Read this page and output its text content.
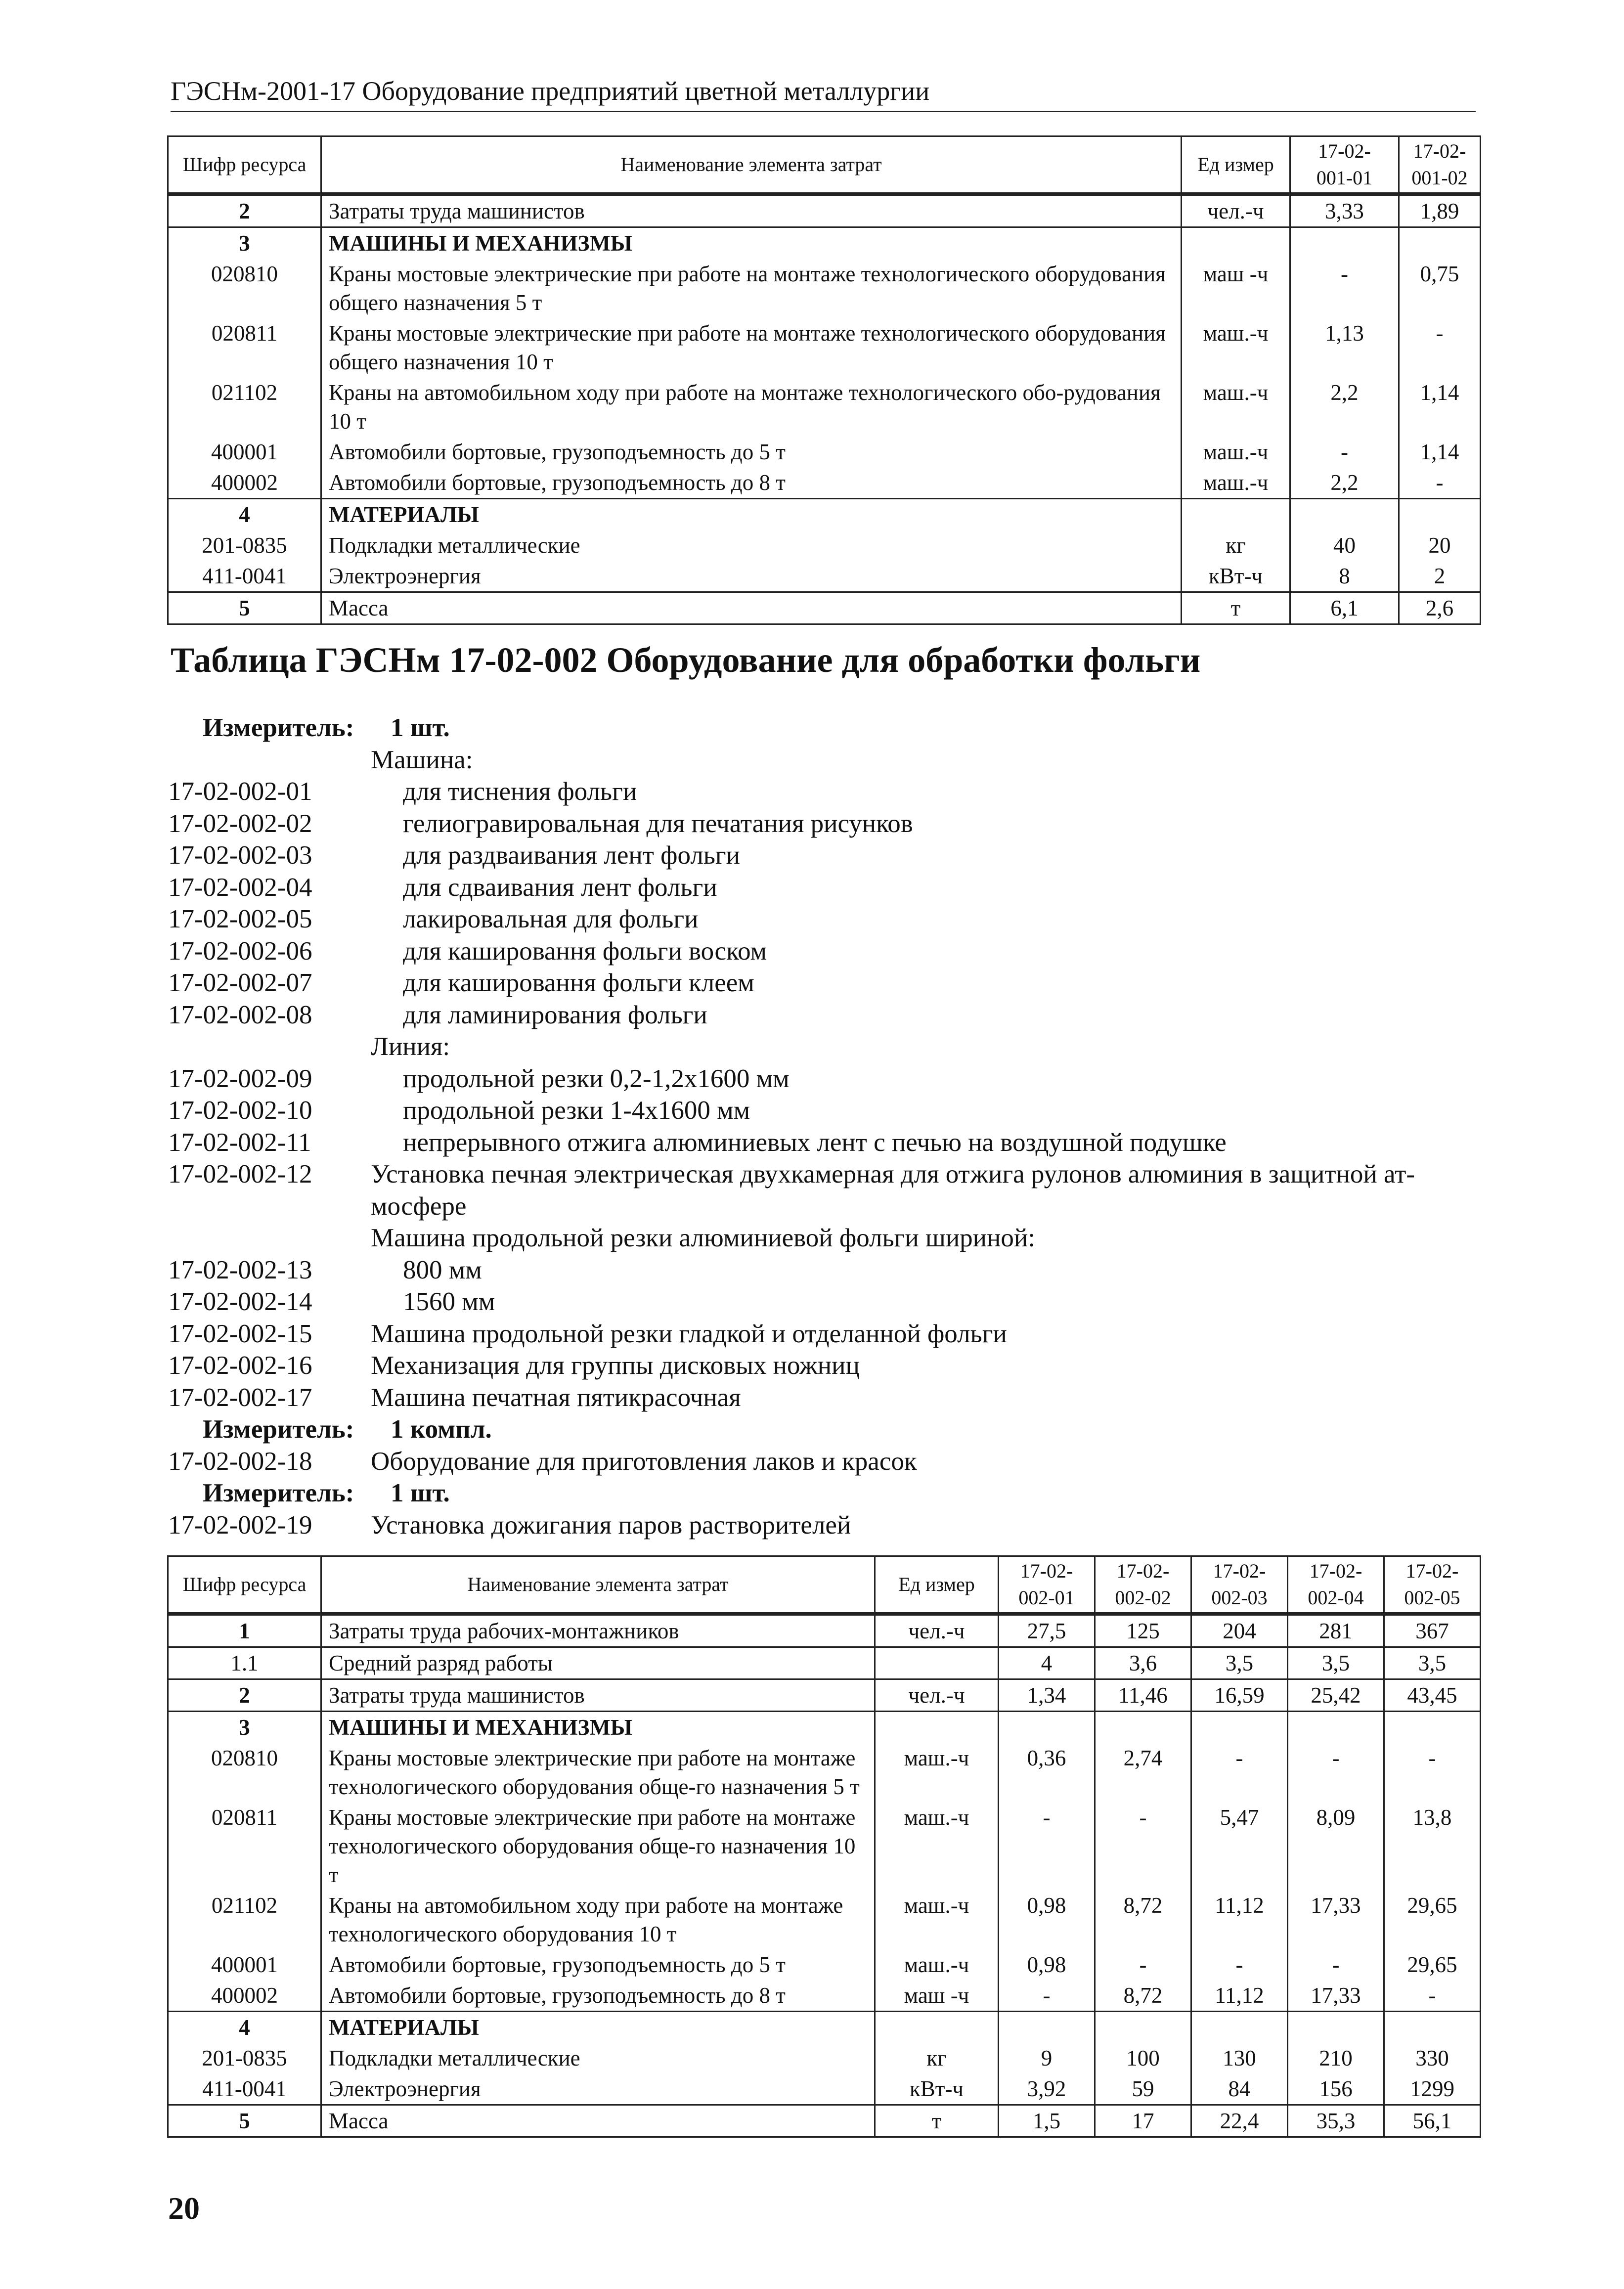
ГЭСНм-2001-17 Оборудование предприятий цветной металлургии
Шифр ресурса	Наименование элемента затрат	Ед измер	17-02-
001-01	17-02-
001-02
2	Затраты труда машинистов	чел.-ч	3,33	1,89
3	МАШИНЫ И МЕХАНИЗМЫ			
020810	Краны мостовые электрические при работе на монтаже технологического оборудования общего назначения 5 т	маш -ч	-	0,75
020811	Краны мостовые электрические при работе на монтаже технологического оборудования общего назначения 10 т	маш.-ч	1,13	-
021102	Краны на автомобильном ходу при работе на монтаже технологического обо-рудования 10 т	маш.-ч	2,2	1,14
400001	Автомобили бортовые, грузоподъемность до 5 т	маш.-ч	-	1,14
400002	Автомобили бортовые, грузоподъемность до 8 т	маш.-ч	2,2	-
4	МАТЕРИАЛЫ			
201-0835	Подкладки металлические	кг	40	20
411-0041	Электроэнергия	кВт-ч	8	2
5	Масса	т	6,1	2,6
Таблица ГЭСНм 17-02-002 Оборудование для обработки фольги
Измеритель: 1 шт.
Машина:
17-02-002-01	для тиснения фольги
17-02-002-02	гелиогравировальная для печатания рисунков
17-02-002-03	для раздваивания лент фольги
17-02-002-04	для сдваивания лент фольги
17-02-002-05	лакировальная для фольги
17-02-002-06	для кашировання фольги воском
17-02-002-07	для кашировання фольги клеем
17-02-002-08	для ламинирования фольги
Линия:
17-02-002-09	продольной резки 0,2-1,2х1600 мм
17-02-002-10	продольной резки 1-4х1600 мм
17-02-002-11	непрерывного отжига алюминиевых лент с печью на воздушной подушке
17-02-002-12 Установка печная электрическая двухкамерная для отжига рулонов алюминия в защитной ат-мосфере
Машина продольной резки алюминиевой фольги шириной:
17-02-002-13	800 мм
17-02-002-14	1560 мм
17-02-002-15 Машина продольной резки гладкой и отделанной фольги
17-02-002-16 Механизация для группы дисковых ножниц
17-02-002-17 Машина печатная пятикрасочная
Измеритель: 1 компл.
17-02-002-18 Оборудование для приготовления лаков и красок
Измеритель: 1 шт.
17-02-002-19 Установка дожигания паров растворителей
Шифр ресурса	Наименование элемента затрат	Ед измер	17-02-
002-01	17-02-
002-02	17-02-
002-03	17-02-
002-04	17-02-
002-05
1	Затраты труда рабочих-монтажников	чел.-ч	27,5	125	204	281	367
1.1	Средний разряд работы		4	3,6	3,5	3,5	3,5
2	Затраты труда машинистов	чел.-ч	1,34	11,46	16,59	25,42	43,45
3	МАШИНЫ И МЕХАНИЗМЫ						
020810	Краны мостовые электрические при работе на монтаже технологического оборудования обще-го назначения 5 т	маш.-ч	0,36	2,74	-	-	-
020811	Краны мостовые электрические при работе на монтаже технологического оборудования обще-го назначения 10 т	маш.-ч	-	-	5,47	8,09	13,8
021102	Краны на автомобильном ходу при работе на монтаже технологического оборудования 10 т	маш.-ч	0,98	8,72	11,12	17,33	29,65
400001	Автомобили бортовые, грузоподъемность до 5 т	маш.-ч	0,98	-	-	-	29,65
400002	Автомобили бортовые, грузоподъемность до 8 т	маш -ч	-	8,72	11,12	17,33	-
4	МАТЕРИАЛЫ						
201-0835	Подкладки металлические	кг	9	100	130	210	330
411-0041	Электроэнергия	кВт-ч	3,92	59	84	156	1299
5	Масса	т	1,5	17	22,4	35,3	56,1
20
